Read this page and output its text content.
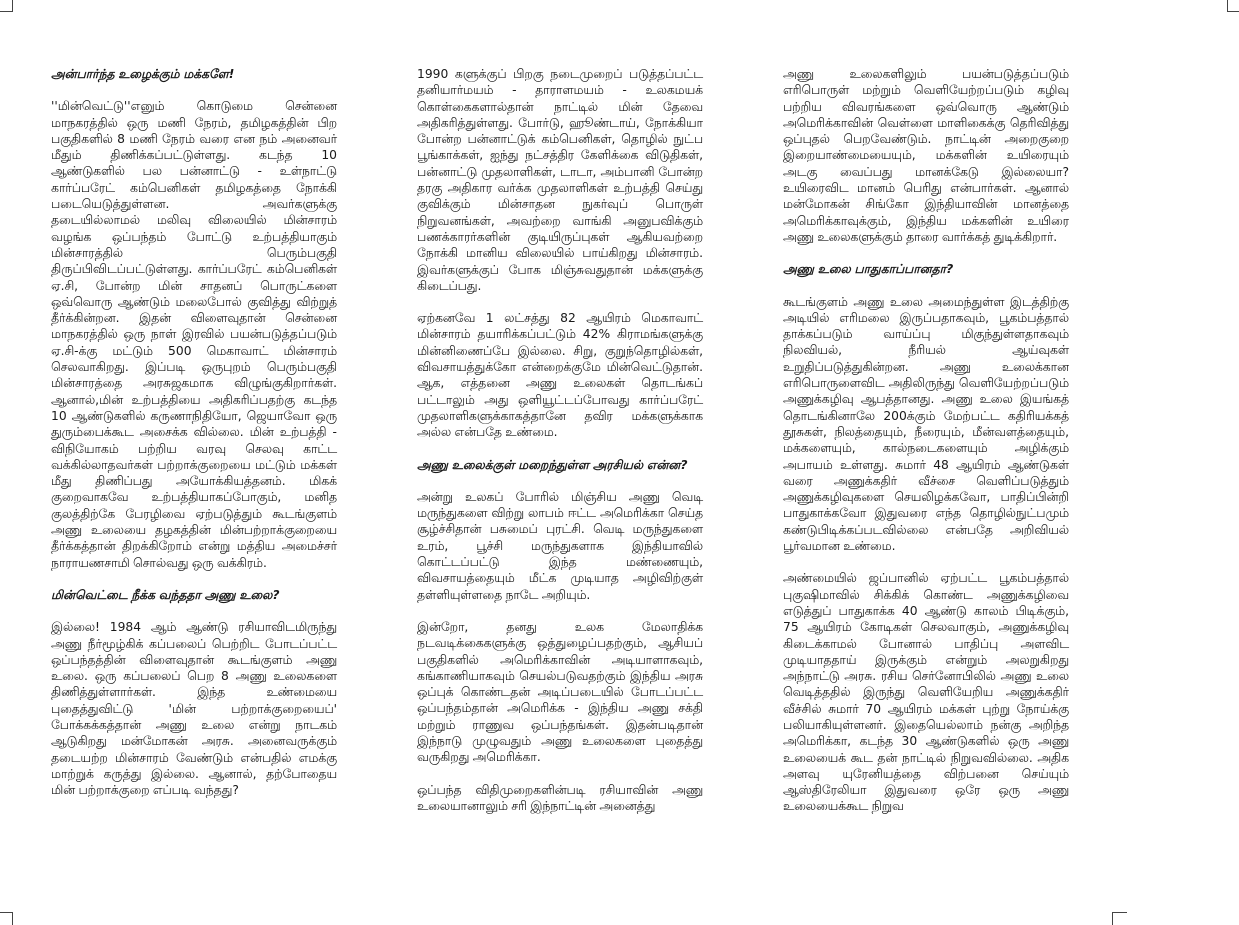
அன்பார்ந்த உழைக்கும் மக்களே!

''மின்வெட்டு''எனும் கொடுமை சென்னை மாநகரத்தில் ஒரு மணி நேரம், தமிழகத்தின் பிற பகுதிகளில் 8 மணி நேரம் வரை என நம் அனைவர் மீதும் திணிக்கப்பட்டுள்ளது. கடந்த 10 ஆண்டுகளில் பல பன்னாட்டு - உள்நாட்டு கார்ப்பரேட் கம்பெனிகள் தமிழகத்தை நோக்கி படையெடுத்துள்ளன. அவர்களுக்கு தடையில்லாமல் மலிவு விலையில் மின்சாரம் வழங்க ஒப்பந்தம் போட்டு உற்பத்தியாகும் மின்சாரத்தில் பெரும்பகுதி திருப்பிவிடப்பட்டுள்ளது. கார்ப்பரேட் கம்பெனிகள் ஏ.சி, போன்ற மின் சாதனப் பொருட்களை ஒவ்வொரு ஆண்டும் மலைபோல் குவித்து விற்றுத் தீர்க்கின்றன. இதன் விளைவுதான் சென்னை மாநகரத்தில் ஒரு நாள் இரவில் பயன்படுத்தப்படும் ஏ.சி-க்கு மட்டும் 500 மெகாவாட் மின்சாரம் செலவாகிறது. இப்படி ஒருபுறம் பெரும்பகுதி மின்சாரத்தை அரசுஜகமாக விழுங்குகிறார்கள். ஆனால்,மின் உற்பத்தியை அதிகரிப்பதற்கு கடந்த 10 ஆண்டுகளில் கருணாநிதியோ, ஜெயாவோ ஒரு துரும்பைக்கூட அசைக்க வில்லை. மின் உற்பத்தி - விநியோகம் பற்றிய வரவு செலவு காட்ட வக்கில்லாதவர்கள் பற்றாக்குறையை மட்டும் மக்கள் மீது திணிப்பது அயோக்கியத்தனம். மிகக் குறைவாகவே உற்பத்தியாகப்போகும், மனித குலத்திற்கே பேரழிவை ஏற்படுத்தும் கூடங்குளம் அணு உலையை தழகத்தின் மின்பற்றாக்குறையை தீர்க்கத்தான் திறக்கிறோம் என்று மத்திய அமைச்சர் நாராயணசாமி சொல்வது ஒரு வக்கிரம்.

மின்வெட்டை நீக்க வந்ததா அணு உலை?

இல்லை! 1984 ஆம் ஆண்டு ரசியாவிடமிருந்து அணு நீர்மூழ்கிக் கப்பலைப் பெற்றிட போடப்பட்ட ஒப்பந்தத்தின் விளைவுதான் கூடங்குளம் அணு உலை. ஒரு கப்பலைப் பெற 8 அணு உலைகளை திணித்துள்ளார்கள். இந்த உண்மையை புதைத்துவிட்டு 'மின் பற்றாக்குறையைப்' போக்கக்கத்தான் அணு உலை என்று நாடகம் ஆடுகிறது மன்மோகன் அரசு. அனைவருக்கும் தடையற்ற மின்சாரம் வேண்டும் என்பதில் எமக்கு மாற்றுக் கருத்து இல்லை. ஆனால், தற்போதைய மின் பற்றாக்குறை எப்படி வந்தது?

1990 களுக்குப் பிறகு நடைமுறைப் படுத்தப்பட்ட தனியார்மயம் - தாராளமயம் - உலகமயக் கொள்கைகளால்தான் நாட்டில் மின் தேவை அதிகரித்துள்ளது. போர்டு, ஹூண்டாய், நோக்கியா போன்ற பன்னாட்டுக் கம்பெனிகள், தொழில் நுட்ப பூங்காக்கள், ஐந்து நட்சத்திர கேளிக்கை விடுதிகள், பன்னாட்டு முதலாளிகள், டாடா, அம்பானி போன்ற தரகு அதிகார வர்க்க முதலாளிகள் உற்பத்தி செய்து குவிக்கும் மின்சாதன நுகர்வுப் பொருள் நிறுவனங்கள், அவற்றை வாங்கி அனுபவிக்கும் பணக்காரர்களின் குடியிருப்புகள் ஆகியவற்றை நோக்கி மானிய விலையில் பாய்கிறது மின்சாரம். இவர்களுக்குப் போக மிஞ்சுவதுதான் மக்களுக்கு கிடைப்பது.

ஏற்கனவே 1 லட்சத்து 82 ஆயிரம் மெகாவாட் மின்சாரம் தயாரிக்கப்பட்டும் 42% கிராமங்களுக்கு மின்னிணைப்பே இல்லை. சிறு, குறுந்தொழில்கள், விவசாயத்துக்கோ என்றைக்குமே மின்வெட்டுதான். ஆக, எத்தனை அணு உலைகள் தொடங்கப் பட்டாலும் அது ஒளியூட்டப்போவது கார்ப்பரேட் முதலாளிகளுக்காகத்தானே தவிர மக்களுக்காக அல்ல என்பதே உண்மை.

அணு உலைக்குள் மறைந்துள்ள அரசியல் என்ன?

அன்று உலகப் போரில் மிஞ்சிய அணு வெடி மருந்துகளை விற்று லாபம் ஈட்ட அமெரிக்கா செய்த சூழ்ச்சிதான் பசுமைப் புரட்சி. வெடி மருந்துகளை உரம், பூச்சி மருந்துகளாக இந்தியாவில் கொட்டப்பட்டு இந்த மண்ணையும், விவசாயத்தையும் மீட்க முடியாத அழிவிற்குள் தள்ளியுள்ளதை நாடே அறியும்.

இன்றோ, தனது உலக மேலாதிக்க நடவடிக்கைகளுக்கு ஒத்துழைப்பதற்கும், ஆசியப் பகுதிகளில் அமெரிக்காவின் அடியாளாகவும், கங்காணியாகவும் செயல்படுவதற்கும் இந்திய அரசு ஒப்புக் கொண்டதன் அடிப்படையில் போடப்பட்ட ஒப்பந்தம்தான் அமெரிக்க - இந்திய அணு சக்தி மற்றும் ராணுவ ஒப்பந்தங்கள். இதன்படிதான் இந்நாடு முழுவதும் அணு உலைகளை புதைத்து வருகிறது அமெரிக்கா.

ஒப்பந்த விதிமுறைகளின்படி ரசியாவின் அணு உலையானாலும் சரி இந்நாட்டின் அனைத்து

அணு உலைகளிலும் பயன்படுத்தப்படும் எரிபொருள் மற்றும் வெளியேற்றப்படும் கழிவு பற்றிய விவரங்களை ஒவ்வொரு ஆண்டும் அமெரிக்காவின் வெள்ளை மாளிகைக்கு தெரிவித்து ஒப்புதல் பெறவேண்டும். நாட்டின் அறைகுறை இறையாண்மையையும், மக்களின் உயிரையும் அடகு வைப்பது மானக்கேடு இல்லையா? உயிரைவிட மானம் பெரிது என்பார்கள். ஆனால் மன்மோகன் சிங்கோ இந்தியாவின் மானத்தை அமெரிக்காவுக்கும், இந்திய மக்களின் உயிரை அணு உலைகளுக்கும் தாரை வார்க்கத் துடிக்கிறார்.

அணு உலை பாதுகாப்பானதா?

கூடங்குளம் அணு உலை அமைந்துள்ள இடத்திற்கு அடியில் எரிமலை இருப்பதாகவும், பூகம்பத்தால் தாக்கப்படும் வாய்ப்பு மிகுந்துள்ளதாகவும் நிலவியல், நீரியல் ஆய்வுகள் உறுதிப்படுத்துகின்றன. அணு உலைக்கான எரிபொருளைவிட அதிலிருந்து வெளியேற்றப்படும் அணுக்கழிவு ஆபத்தானது. அணு உலை இயங்கத் தொடங்கினாலே 200க்கும் மேற்பட்ட கதிரியக்கத் தூசுகள், நிலத்தையும், நீரையும், மீன்வளத்தையும், மக்களையும், கால்நடைகளையும் அழிக்கும் அபாயம் உள்ளது. சுமார் 48 ஆயிரம் ஆண்டுகள் வரை அணுக்கதிர் வீச்சை வெளிப்படுத்தும் அணுக்கழிவுகளை செயலிழக்கவோ, பாதிப்பின்றி பாதுகாக்கவோ இதுவரை எந்த தொழில்நுட்பமும் கண்டுபிடிக்கப்படவில்லை என்பதே அறிவியல் பூர்வமான உண்மை.

அண்மையில் ஜப்பானில் ஏற்பட்ட பூகம்பத்தால் புகுஷிமாவில் சிக்கிக் கொண்ட அணுக்கழிவை எடுத்துப் பாதுகாக்க 40 ஆண்டு காலம் பிடிக்கும், 75 ஆயிரம் கோடிகள் செலவாகும், அணுக்கழிவு கிடைக்காமல் போனால் பாதிப்பு அளவிட முடியாததாய் இருக்கும் என்றும் அலறுகிறது அந்நாட்டு அரசு. ரசிய செர்னோபிலில் அணு உலை வெடித்ததில் இருந்து வெளியேறிய அணுக்கதிர் வீச்சில் சுமார் 70 ஆயிரம் மக்கள் புற்று நோய்க்கு பலியாகியுள்ளனர். இதையெல்லாம் நன்கு அறிந்த அமெரிக்கா, கடந்த 30 ஆண்டுகளில் ஒரு அணு உலையைக் கூட தன் நாட்டில் நிறுவவில்லை. அதிக அளவு யுரேனியத்தை விற்பனை செய்யும் ஆஸ்திரேலியா இதுவரை ஒரே ஒரு அணு உலையைக்கூட நிறுவ
